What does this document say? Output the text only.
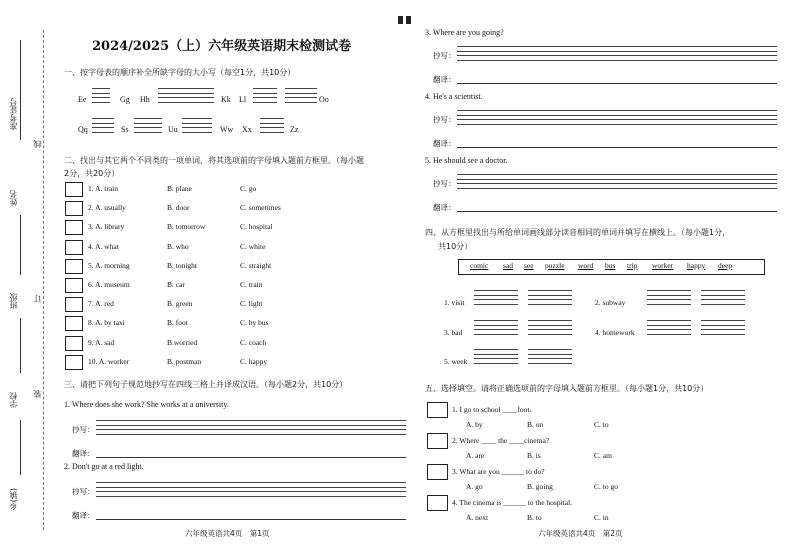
准考证号
姓名
班级
学校
乡(镇)
线
订
装
2024/2025（上）六年级英语期末检测试卷
一、按字母表的顺序补全所缺字母的大小写（每空1分，共10分）
Ee	Gg Hh	Kk Ll	Oo
Qq	Ss	Uu	Ww Xx	Zz
二、找出与其它两个不同类的一项单词，将其选项前的字母填入题前方框里。（每小题2分，共20分）
1. A. train	B. plane	C. go
2. A. usually	B. door	C. sometimes
3. A. library	B. tomorrow	C. hospital
4. A. what	B. who	C. white
5. A. morning	B. tonight	C. straight
6. A. museum	B. car	C. train
7. A. red	B. green	C. light
8. A. by taxi	B. foot	C. by bus
9. A. sad	B.worried	C. coach
10. A. worker	B. postman	C. happy
三、请把下列句子规范地抄写在四线三格上并译成汉语。（每小题2分，共10分）
1. Where does she work? She works at a university.
抄写：
翻译：
2. Don't go at a red light.
抄写：
翻译：
六年级英语共4页　第1页
3. Where are you going?
抄写：
翻译：
4. He's a scientist.
抄写：
翻译：
5. He should see a doctor.
抄写：
翻译：
四、从方框里找出与所给单词画线部分读音相同的单词并填写在横线上。（每小题1分，
共10分）
comic sad see puzzle word bus trip worker happy deep
1. visit	2. subway
3. bad	4. homework
5. week
五、选择填空。请将正确选项前的字母填入题前方框里。（每小题1分，共10分）
1. I go to school ____foot.
A. by	B. on	C. to
2. Where ____ the ____cinema?
A. are	B. is	C. am
3. What are you ______ to do?
A. go	B. going	C. to go
4. The cinema is ______ to the hospital.
A. next	B. to	C. in
六年级英语共4页　第2页
